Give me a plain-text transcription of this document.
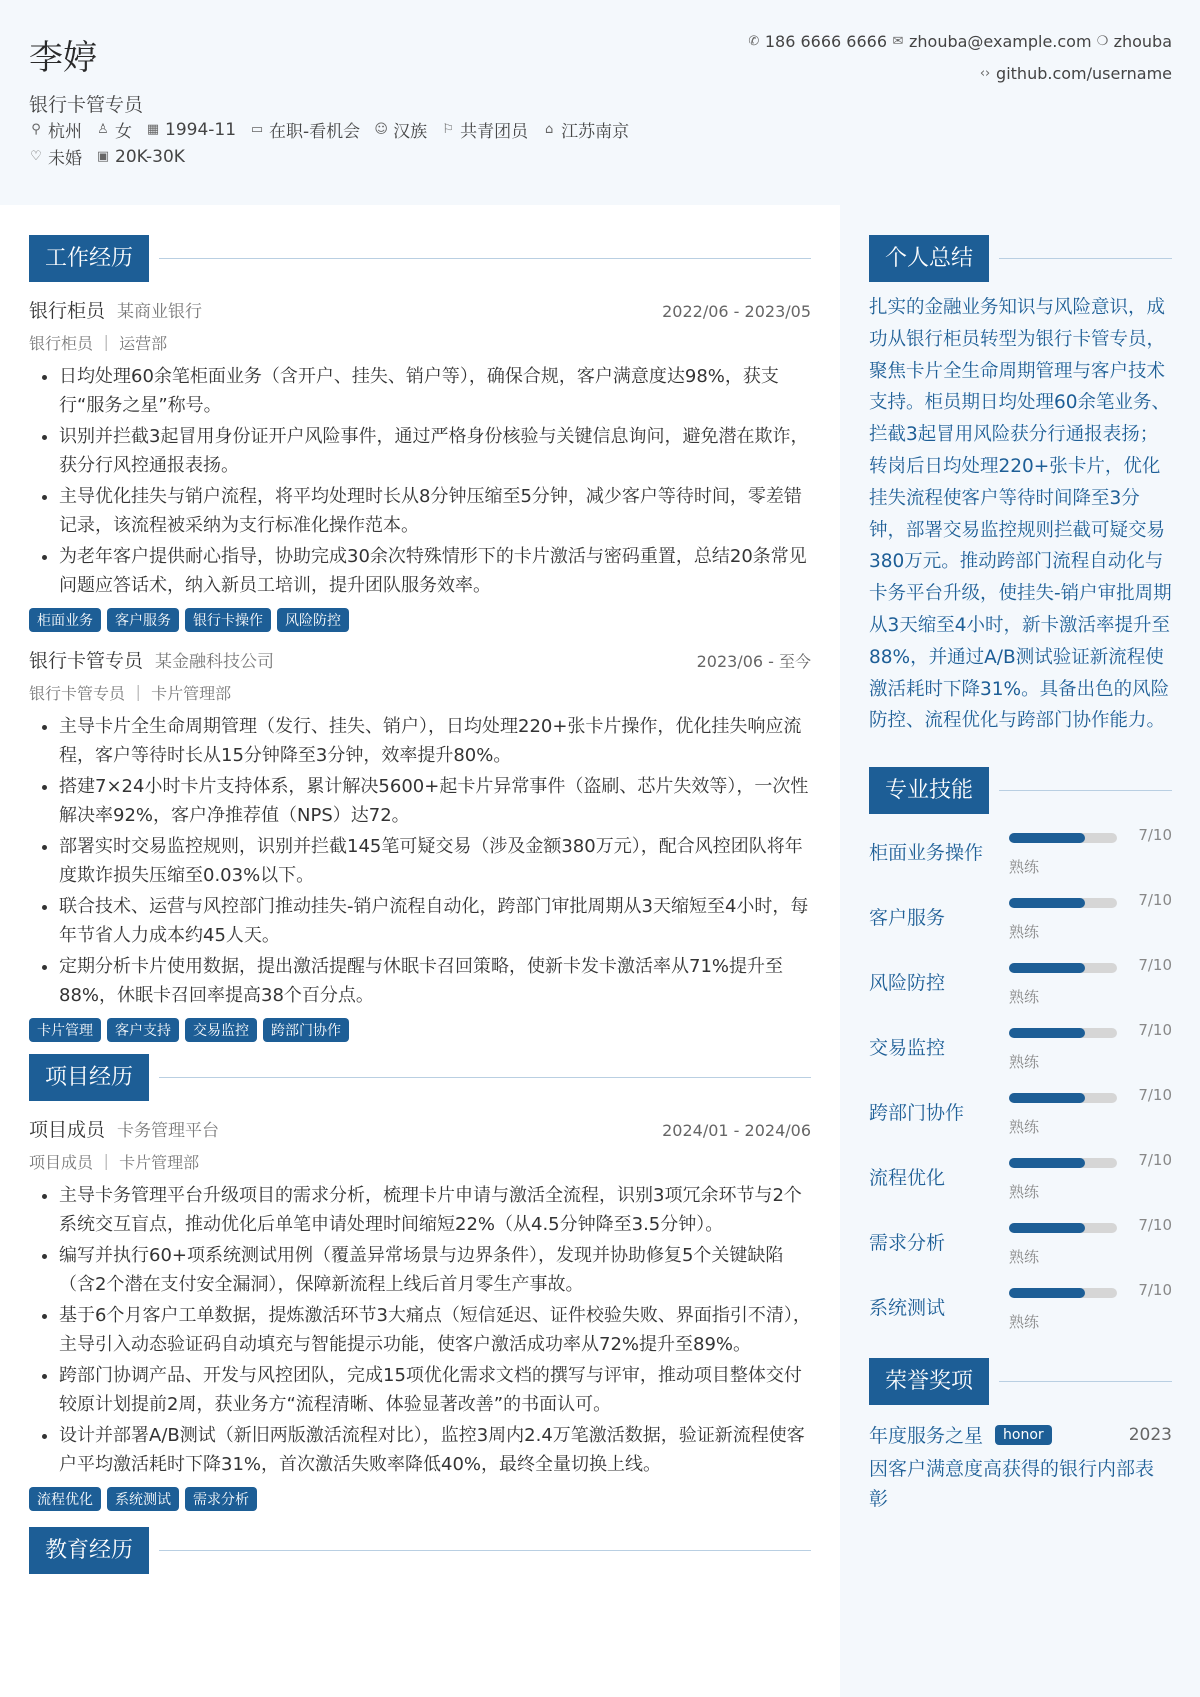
李婷
银行卡管专员
⚲ 杭州 ♙ 女 ▦ 1994-11 ▭ 在职-看机会 ☺ 汉族 ⚐ 共青团员 ⌂ 江苏南京
♡ 未婚 ▣ 20K-30K
✆ 186 6666 6666 ✉ zhouba@example.com ❍ zhouba
‹› github.com/username
工作经历
银行柜员 某商业银行	2022/06 - 2023/05
银行柜员 ｜ 运营部
• 日均处理60余笔柜面业务（含开户、挂失、销户等），确保合规，客户满意度达98%，获支行“服务之星”称号。
• 识别并拦截3起冒用身份证开户风险事件，通过严格身份核验与关键信息询问，避免潜在欺诈，获分行风控通报表扬。
• 主导优化挂失与销户流程，将平均处理时长从8分钟压缩至5分钟，减少客户等待时间，零差错记录，该流程被采纳为支行标准化操作范本。
• 为老年客户提供耐心指导，协助完成30余次特殊情形下的卡片激活与密码重置，总结20条常见问题应答话术，纳入新员工培训，提升团队服务效率。
柜面业务	客户服务	银行卡操作	风险防控
银行卡管专员 某金融科技公司	2023/06 - 至今
银行卡管专员 ｜ 卡片管理部
• 主导卡片全生命周期管理（发行、挂失、销户），日均处理220+张卡片操作，优化挂失响应流程，客户等待时长从15分钟降至3分钟，效率提升80%。
• 搭建7×24小时卡片支持体系，累计解决5600+起卡片异常事件（盗刷、芯片失效等），一次性解决率92%，客户净推荐值（NPS）达72。
• 部署实时交易监控规则，识别并拦截145笔可疑交易（涉及金额380万元），配合风控团队将年度欺诈损失压缩至0.03%以下。
• 联合技术、运营与风控部门推动挂失-销户流程自动化，跨部门审批周期从3天缩短至4小时，每年节省人力成本约45人天。
• 定期分析卡片使用数据，提出激活提醒与休眠卡召回策略，使新卡发卡激活率从71%提升至88%，休眠卡召回率提高38个百分点。
卡片管理	客户支持	交易监控	跨部门协作
项目经历
项目成员 卡务管理平台	2024/01 - 2024/06
项目成员 ｜ 卡片管理部
• 主导卡务管理平台升级项目的需求分析，梳理卡片申请与激活全流程，识别3项冗余环节与2个系统交互盲点，推动优化后单笔申请处理时间缩短22%（从4.5分钟降至3.5分钟）。
• 编写并执行60+项系统测试用例（覆盖异常场景与边界条件），发现并协助修复5个关键缺陷（含2个潜在支付安全漏洞），保障新流程上线后首月零生产事故。
• 基于6个月客户工单数据，提炼激活环节3大痛点（短信延迟、证件校验失败、界面指引不清），主导引入动态验证码自动填充与智能提示功能，使客户激活成功率从72%提升至89%。
• 跨部门协调产品、开发与风控团队，完成15项优化需求文档的撰写与评审，推动项目整体交付较原计划提前2周，获业务方“流程清晰、体验显著改善”的书面认可。
• 设计并部署A/B测试（新旧两版激活流程对比），监控3周内2.4万笔激活数据，验证新流程使客户平均激活耗时下降31%，首次激活失败率降低40%，最终全量切换上线。
流程优化	系统测试	需求分析
教育经历
个人总结
扎实的金融业务知识与风险意识，成功从银行柜员转型为银行卡管专员，聚焦卡片全生命周期管理与客户技术支持。柜员期日均处理60余笔业务、拦截3起冒用风险获分行通报表扬；转岗后日均处理220+张卡片，优化挂失流程使客户等待时间降至3分钟，部署交易监控规则拦截可疑交易380万元。推动跨部门流程自动化与卡务平台升级，使挂失-销户审批周期从3天缩至4小时，新卡激活率提升至88%，并通过A/B测试验证新流程使激活耗时下降31%。具备出色的风险防控、流程优化与跨部门协作能力。
专业技能
柜面业务操作
7/10
熟练
客户服务
7/10
熟练
风险防控
7/10
熟练
交易监控
7/10
熟练
跨部门协作
7/10
熟练
流程优化
7/10
熟练
需求分析
7/10
熟练
系统测试
7/10
熟练
荣誉奖项
年度服务之星	honor	2023
因客户满意度高获得的银行内部表彰
